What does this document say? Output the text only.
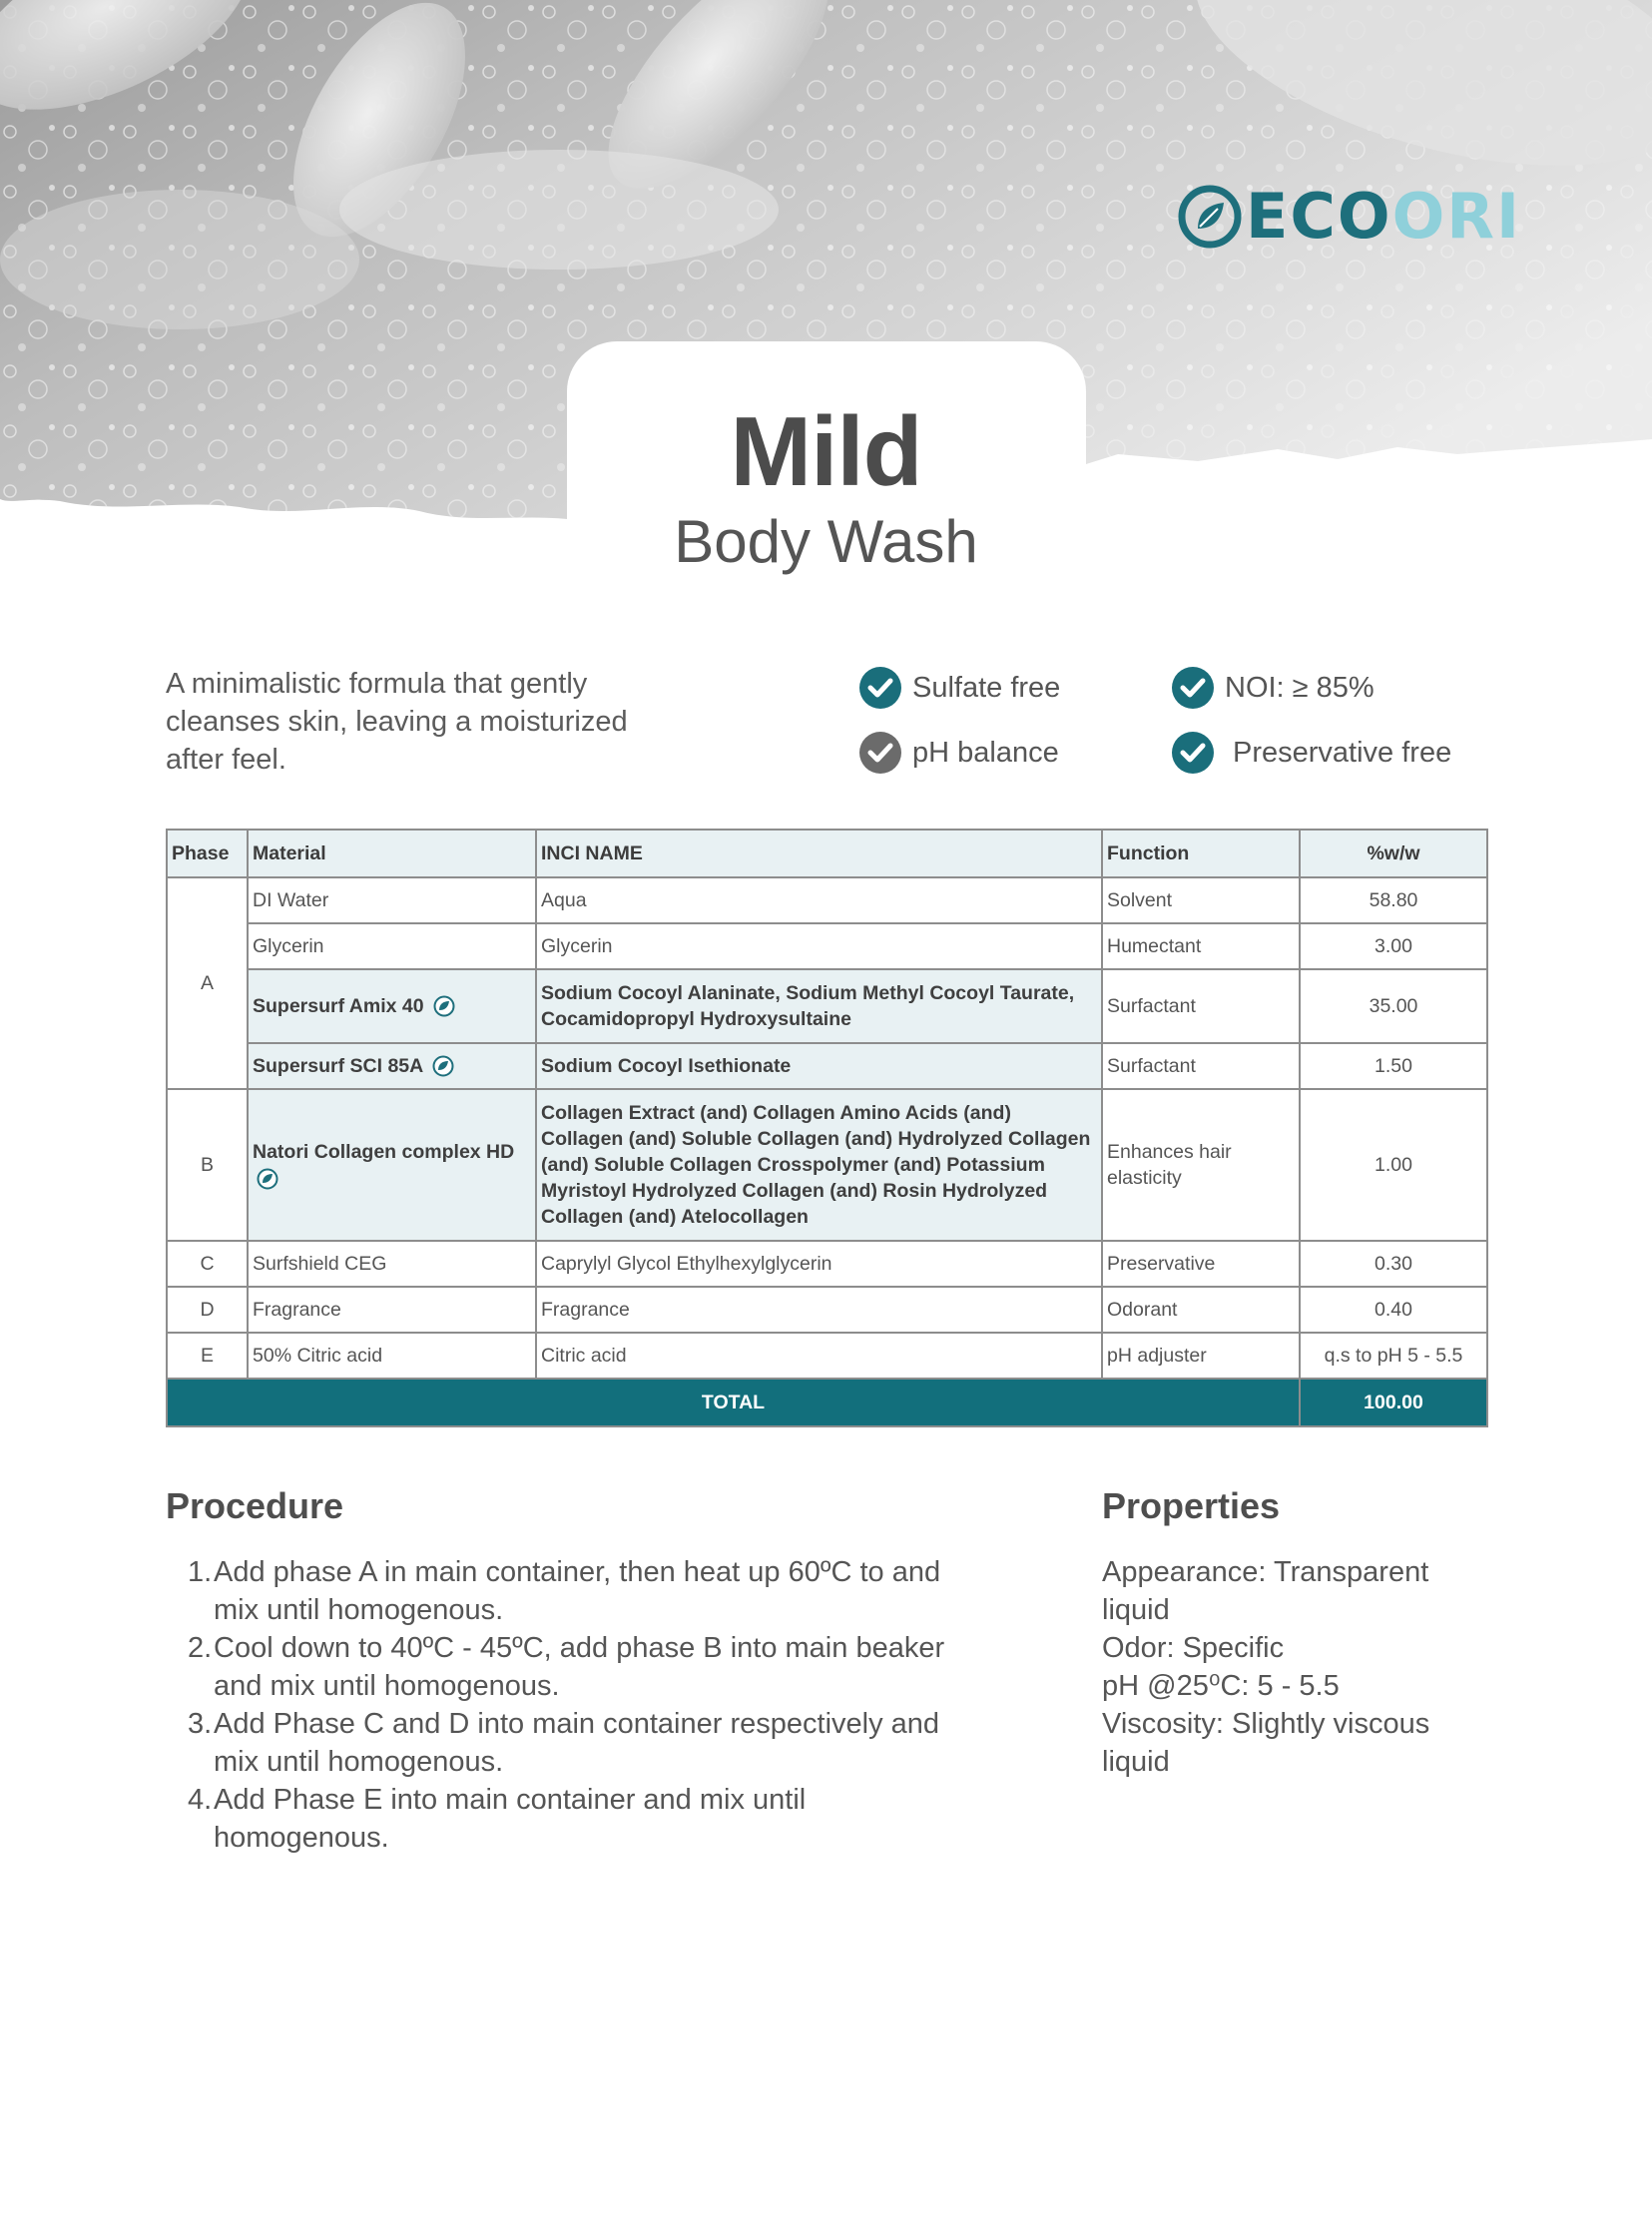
ECOORI
Mild
Body Wash
A minimalistic formula that gently cleanses skin, leaving a moisturized after feel.
Sulfate free	NOI: ≥ 85%
pH balance	Preservative free
Phase	Material	INCI NAME	Function	%w/w
A	DI Water	Aqua	Solvent	58.80
	Glycerin	Glycerin	Humectant	3.00
	Supersurf Amix 40	Sodium Cocoyl Alaninate, Sodium Methyl Cocoyl Taurate, Cocamidopropyl Hydroxysultaine	Surfactant	35.00
	Supersurf SCI 85A	Sodium Cocoyl Isethionate	Surfactant	1.50
B	Natori Collagen complex HD	Collagen Extract (and) Collagen Amino Acids (and) Collagen (and) Soluble Collagen (and) Hydrolyzed Collagen (and) Soluble Collagen Crosspolymer (and) Potassium Myristoyl Hydrolyzed Collagen (and) Rosin Hydrolyzed Collagen (and) Atelocollagen	Enhances hair elasticity	1.00
C	Surfshield CEG	Caprylyl Glycol Ethylhexylglycerin	Preservative	0.30
D	Fragrance	Fragrance	Odorant	0.40
E	50% Citric acid	Citric acid	pH adjuster	q.s to pH 5 - 5.5
TOTAL				100.00
Procedure
1. Add phase A in main container, then heat up 60ºC to and mix until homogenous.
2. Cool down to 40ºC - 45ºC, add phase B into main beaker and mix until homogenous.
3. Add Phase C and D into main container respectively and mix until homogenous.
4. Add Phase E into main container and mix until homogenous.
Properties
Appearance: Transparent liquid
Odor: Specific
pH @25⁰C: 5 - 5.5
Viscosity: Slightly viscous liquid
